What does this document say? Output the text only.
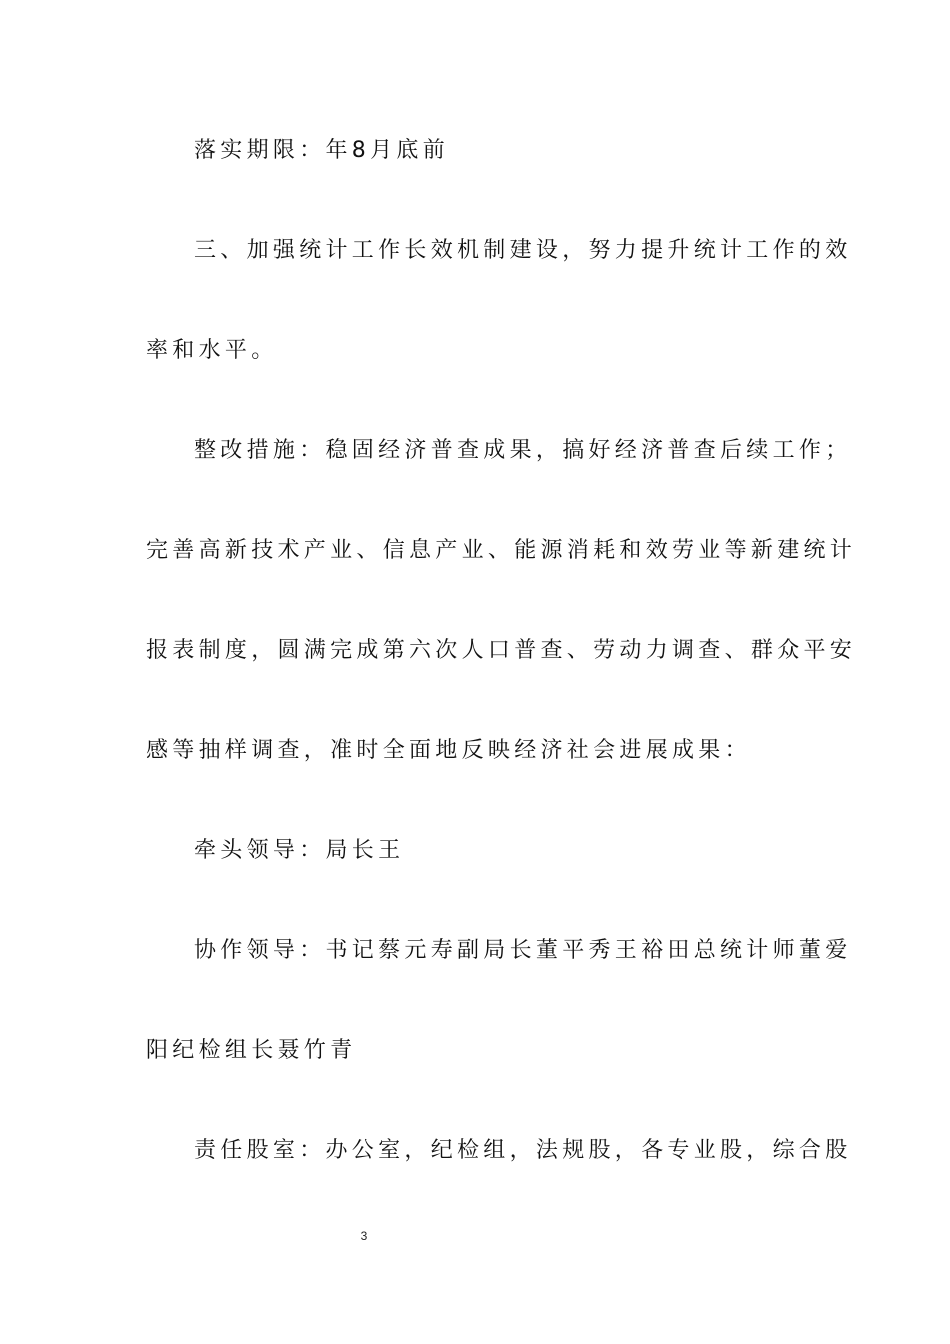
落实期限：年8月底前

三、加强统计工作长效机制建设，努力提升统计工作的效

率和水平。

整改措施：稳固经济普查成果，搞好经济普查后续工作；

完善高新技术产业、信息产业、能源消耗和效劳业等新建统计

报表制度，圆满完成第六次人口普查、劳动力调查、群众平安

感等抽样调查，准时全面地反映经济社会进展成果：

牵头领导：局长王

协作领导：书记蔡元寿副局长董平秀王裕田总统计师董爱

阳纪检组长聂竹青

责任股室：办公室，纪检组，法规股，各专业股，综合股

3
